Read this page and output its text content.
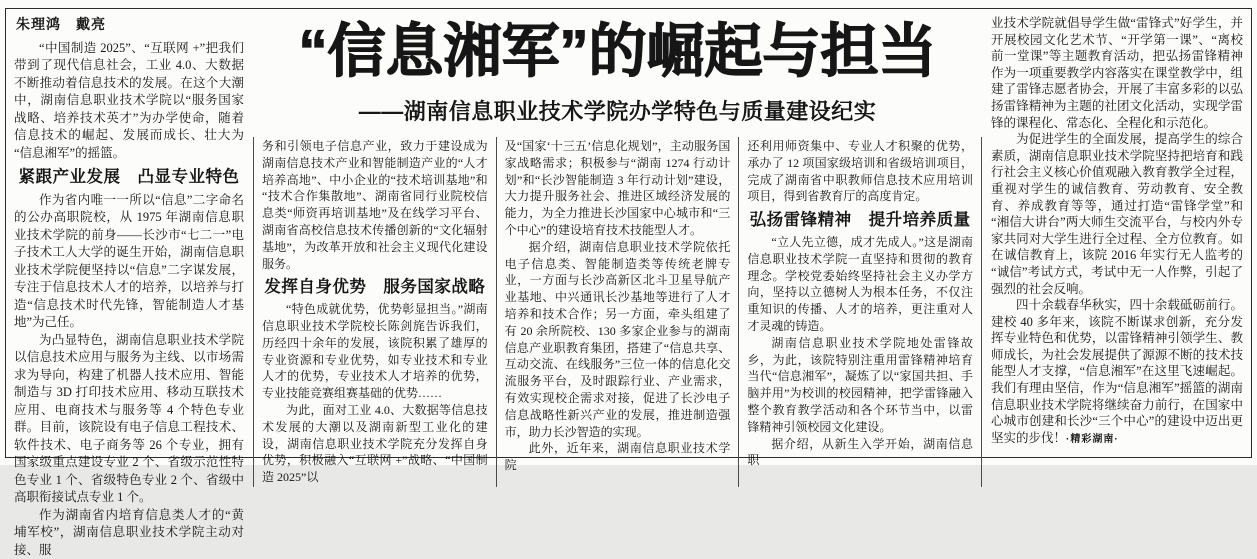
朱理鸿　戴亮

“中国制造 2025”、“互联网 +”把我们带到了现代信息社会，工业 4.0、大数据不断推动着信息技术的发展。在这个大潮中，湖南信息职业技术学院以“服务国家战略、培养技术英才”为办学使命，随着信息技术的崛起、发展而成长、壮大为“信息湘军”的摇篮。

紧跟产业发展　凸显专业特色

作为省内唯一一所以“信息”二字命名的公办高职院校，从 1975 年湖南信息职业技术学院的前身——长沙市“七二一”电子技术工人大学的诞生开始，湖南信息职业技术学院便坚持以“信息”二字谋发展，专注于信息技术人才的培养，以培养与打造“信息技术时代先锋，智能制造人才基地”为己任。

为凸显特色，湖南信息职业技术学院以信息技术应用与服务为主线、以市场需求为导向，构建了机器人技术应用、智能制造与 3D 打印技术应用、移动互联技术应用、电商技术与服务等 4 个特色专业群。目前，该院设有电子信息工程技术、软件技术、电子商务等 26 个专业，拥有国家级重点建设专业 2 个、省级示范性特色专业 1 个、省级特色专业 2 个、省级中高职衔接试点专业 1 个。

作为湖南省内培育信息类人才的“黄埔军校”，湖南信息职业技术学院主动对接、服

“信息湘军”的崛起与担当
——湖南信息职业技术学院办学特色与质量建设纪实

务和引领电子信息产业，致力于建设成为湖南信息技术产业和智能制造产业的“人才培养高地”、中小企业的“技术培训基地”和“技术合作集散地”、湖南省同行业院校信息类“师资再培训基地”及在线学习平台、湖南省高校信息技术传播创新的“文化辐射基地”，为改革开放和社会主义现代化建设服务。

发挥自身优势　服务国家战略

“特色成就优势，优势彰显担当。”湖南信息职业技术学院校长陈剑旄告诉我们，历经四十余年的发展，该院积累了雄厚的专业资源和专业优势，如专业技术和专业人才的优势，专业技术人才培养的优势，专业技能竞赛组赛基础的优势……

为此，面对工业 4.0、大数据等信息技术发展的大潮以及湖南新型工业化的建设，湖南信息职业技术学院充分发挥自身优势，积极融入“互联网 +”战略、“中国制造 2025”以

及“国家‘十三五’信息化规划”，主动服务国家战略需求；积极参与“湖南 1274 行动计划”和“长沙智能制造 3 年行动计划”建设，大力提升服务社会、推进区域经济发展的能力，为全力推进长沙国家中心城市和“三个中心”的建设培育技术技能型人才。

据介绍，湖南信息职业技术学院依托电子信息类、智能制造类等传统老牌专业，一方面与长沙高新区北斗卫星导航产业基地、中兴通讯长沙基地等进行了人才培养和技术合作；另一方面，牵头组建了有 20 余所院校、130 多家企业参与的湖南信息产业职教育集团，搭建了“信息共享、互动交流、在线服务”三位一体的信息化交流服务平台，及时跟踪行业、产业需求，有效实现校企需求对接，促进了长沙电子信息战略性新兴产业的发展，推进制造强市，助力长沙智造的实现。

此外，近年来，湖南信息职业技术学院

还利用师资集中、专业人才积聚的优势，承办了 12 项国家级培训和省级培训项目，完成了湖南省中职教师信息技术应用培训项目，得到省教育厅的高度肯定。

弘扬雷锋精神　提升培养质量

“立人先立德，成才先成人。”这是湖南信息职业技术学院一直坚持和贯彻的教育理念。学校党委始终坚持社会主义办学方向，坚持以立德树人为根本任务，不仅注重知识的传播、人才的培养，更注重对人才灵魂的铸造。

湖南信息职业技术学院地处雷锋故乡，为此，该院特别注重用雷锋精神培育当代“信息湘军”，凝炼了以“家国共担、手脑并用”为校训的校园精神，把学雷锋融入整个教育教学活动和各个环节当中，以雷锋精神引领校园文化建设。

据介绍，从新生入学开始，湖南信息职

业技术学院就倡导学生做“雷锋式”好学生，并开展校园文化艺术节、“开学第一课”、“离校前一堂课”等主题教育活动，把弘扬雷锋精神作为一项重要教学内容落实在课堂教学中，组建了雷锋志愿者协会，开展了丰富多彩的以弘扬雷锋精神为主题的社团文化活动，实现学雷锋的课程化、常态化、全程化和示范化。

为促进学生的全面发展，提高学生的综合素质，湖南信息职业技术学院坚持把培育和践行社会主义核心价值观融入教育教学全过程，重视对学生的诚信教育、劳动教育、安全教育、养成教育等等，通过打造“雷锋学堂”和“湘信大讲台”两大师生交流平台，与校内外专家共同对大学生进行全过程、全方位教育。如在诚信教育上，该院 2016 年实行无人监考的“诚信”考试方式，考试中无一人作弊，引起了强烈的社会反响。

四十余载春华秋实，四十余载砥砺前行。建校 40 多年来，该院不断谋求创新，充分发挥专业特色和优势，以雷锋精神引领学生、教师成长，为社会发展提供了源源不断的技术技能型人才支撑，“信息湘军”在这里飞速崛起。我们有理由坚信，作为“信息湘军”摇篮的湖南信息职业技术学院将继续奋力前行，在国家中心城市创建和长沙“三个中心”的建设中迈出更坚实的步伐！·精彩湖南·
